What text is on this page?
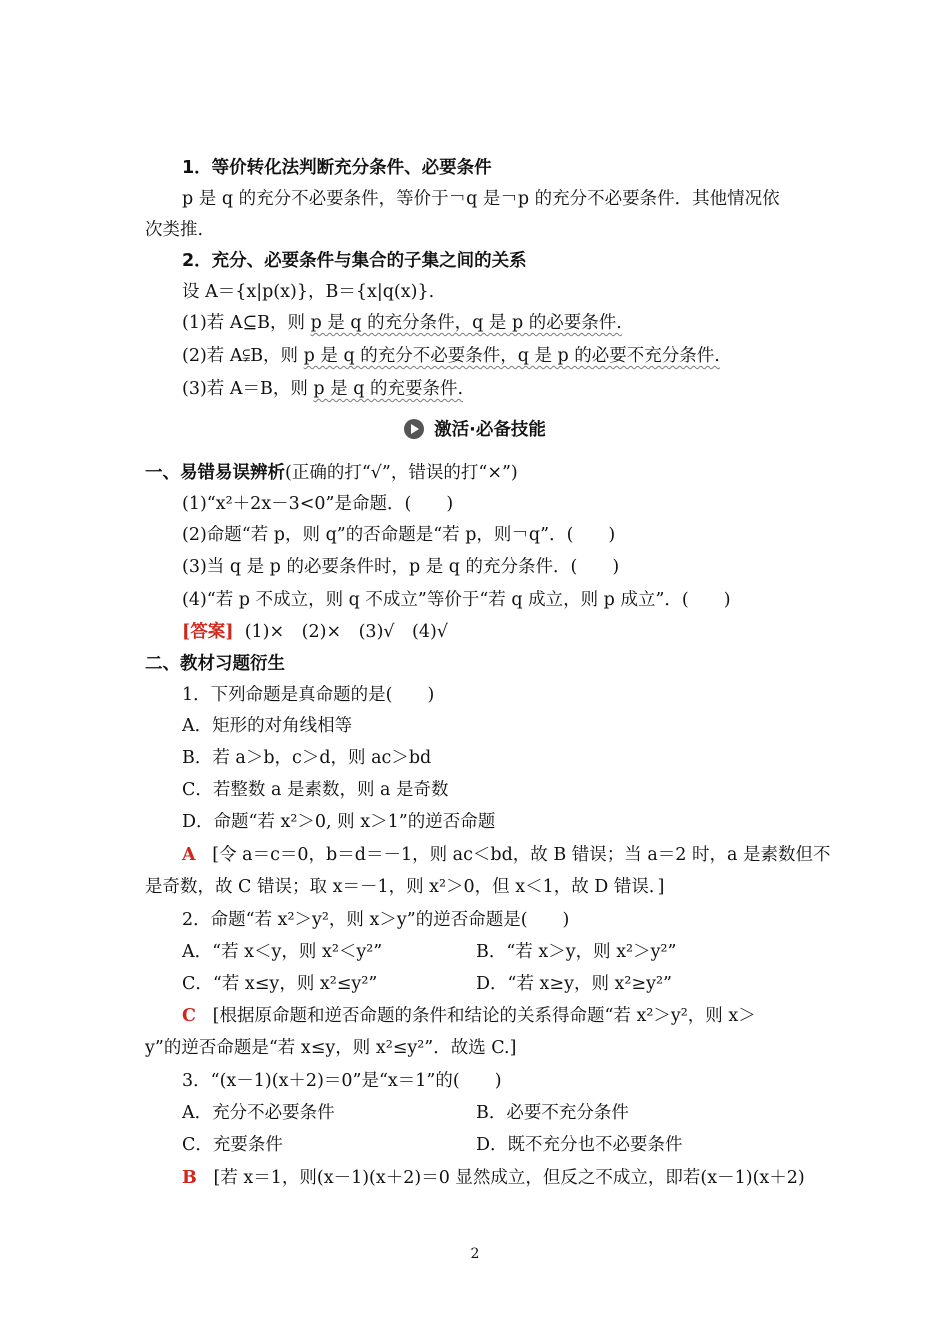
1．等价转化法判断充分条件、必要条件
p 是 q 的充分不必要条件，等价于￢q 是￢p 的充分不必要条件．其他情况依
次类推.
2．充分、必要条件与集合的子集之间的关系
设 A＝{x|p(x)}，B＝{x|q(x)}.
(1)若 A⊆B，则 p 是 q 的充分条件，q 是 p 的必要条件.
(2)若 A⫋B，则 p 是 q 的充分不必要条件，q 是 p 的必要不充分条件.
(3)若 A＝B，则 p 是 q 的充要条件.
激活·必备技能
一、易错易误辨析(正确的打“√”，错误的打“×”)
(1)“x²＋2x－3<0”是命题．(　　)
(2)命题“若 p，则 q”的否命题是“若 p，则￢q”．(　　)
(3)当 q 是 p 的必要条件时，p 是 q 的充分条件．(　　)
(4)“若 p 不成立，则 q 不成立”等价于“若 q 成立，则 p 成立”．(　　)
[答案] (1)×　(2)×　(3)√　(4)√
二、教材习题衍生
1．下列命题是真命题的是(　　)
A．矩形的对角线相等
B．若 a＞b，c＞d，则 ac＞bd
C．若整数 a 是素数，则 a 是奇数
D．命题“若 x²＞0, 则 x＞1”的逆否命题
A [令 a＝c＝0，b＝d＝－1，则 ac＜bd，故 B 错误；当 a＝2 时，a 是素数但不
是奇数，故 C 错误；取 x＝－1，则 x²＞0，但 x＜1，故 D 错误．]
2．命题“若 x²＞y²，则 x＞y”的逆否命题是(　　)
A．“若 x＜y，则 x²＜y²”	B．“若 x＞y，则 x²＞y²”
C．“若 x≤y，则 x²≤y²”	D．“若 x≥y，则 x²≥y²”
C [根据原命题和逆否命题的条件和结论的关系得命题“若 x²＞y²，则 x＞
y”的逆否命题是“若 x≤y，则 x²≤y²”．故选 C.]
3．“(x－1)(x＋2)＝0”是“x＝1”的(　　)
A．充分不必要条件	B．必要不充分条件
C．充要条件	D．既不充分也不必要条件
B [若 x＝1，则(x－1)(x＋2)＝0 显然成立，但反之不成立，即若(x－1)(x＋2)
2
